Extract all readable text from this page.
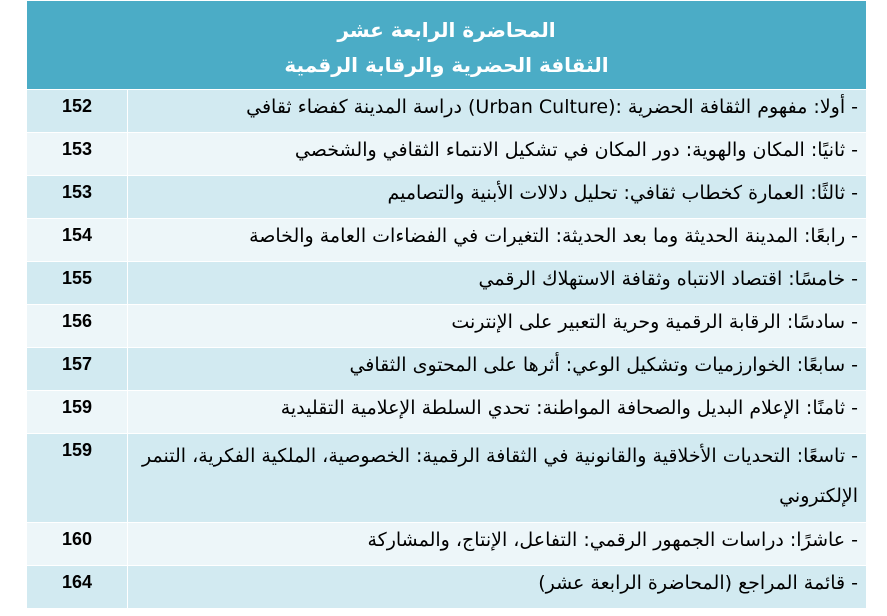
المحاضرة الرابعة عشر
الثقافة الحضرية والرقابة الرقمية	

- أولا: مفهوم الثقافة الحضرية :(Urban Culture) دراسة المدينة كفضاء ثقافي	152
- ثانيًا: المكان والهوية: دور المكان في تشكيل الانتماء الثقافي والشخصي	153
- ثالثًا: العمارة كخطاب ثقافي: تحليل دلالات الأبنية والتصاميم	153
- رابعًا: المدينة الحديثة وما بعد الحديثة: التغيرات في الفضاءات العامة والخاصة	154
- خامسًا: اقتصاد الانتباه وثقافة الاستهلاك الرقمي	155
- سادسًا: الرقابة الرقمية وحرية التعبير على الإنترنت	156
- سابعًا: الخوارزميات وتشكيل الوعي: أثرها على المحتوى الثقافي	157
- ثامنًا: الإعلام البديل والصحافة المواطنة: تحدي السلطة الإعلامية التقليدية	159
- تاسعًا: التحديات الأخلاقية والقانونية في الثقافة الرقمية: الخصوصية، الملكية الفكرية، التنمر الإلكتروني	159
- عاشرًا: دراسات الجمهور الرقمي: التفاعل، الإنتاج، والمشاركة	160
- قائمة المراجع (المحاضرة الرابعة عشر)	164
